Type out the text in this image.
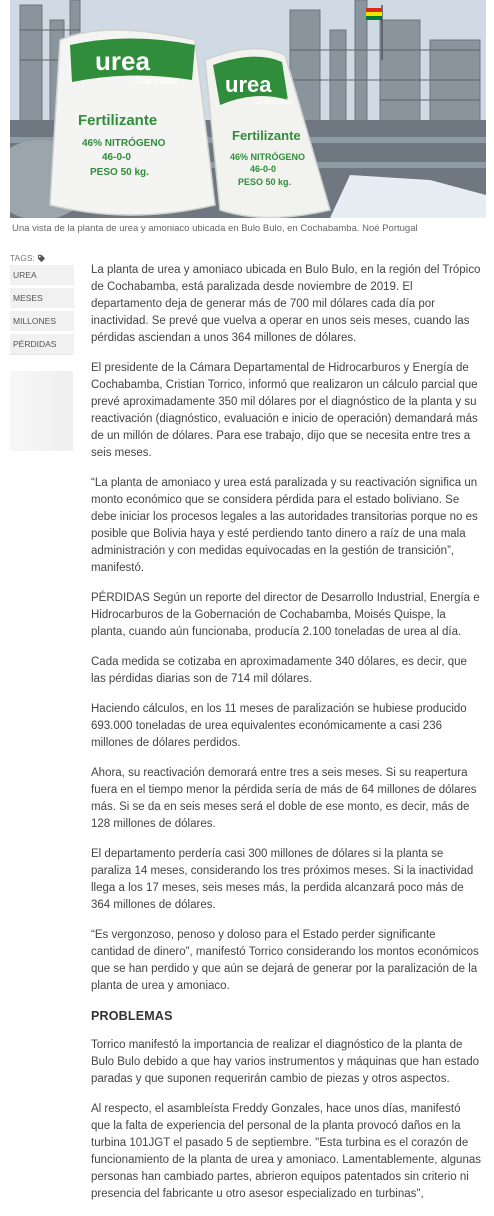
urea
Granulada
Fertilizante
46% NITRÓGENO
46-0-0
PESO 50 kg.
urea
Granulada
Fertilizante
46% NITRÓGENO
46-0-0
PESO 50 kg.
Una vista de la planta de urea y amoniaco ubicada en Bulo Bulo, en Cochabamba. Noé Portugal
TAGS:
UREA
MESES
MILLONES
PÉRDIDAS

La planta de urea y amoniaco ubicada en Bulo Bulo, en la región del Trópico de Cochabamba, está paralizada desde noviembre de 2019. El departamento deja de generar más de 700 mil dólares cada día por inactividad. Se prevé que vuelva a operar en unos seis meses, cuando las pérdidas asciendan a unos 364 millones de dólares.

El presidente de la Cámara Departamental de Hidrocarburos y Energía de Cochabamba, Cristian Torrico, informó que realizaron un cálculo parcial que prevé aproximadamente 350 mil dólares por el diagnóstico de la planta y su reactivación (diagnóstico, evaluación e inicio de operación) demandará más de un millón de dólares. Para ese trabajo, dijo que se necesita entre tres a seis meses.

“La planta de amoniaco y urea está paralizada y su reactivación significa un monto económico que se considera pérdida para el estado boliviano. Se debe iniciar los procesos legales a las autoridades transitorias porque no es posible que Bolivia haya y esté perdiendo tanto dinero a raíz de una mala administración y con medidas equivocadas en la gestión de transición”, manifestó.

PÉRDIDAS Según un reporte del director de Desarrollo Industrial, Energía e Hidrocarburos de la Gobernación de Cochabamba, Moisés Quispe, la planta, cuando aún funcionaba, producía 2.100 toneladas de urea al día.

Cada medida se cotizaba en aproximadamente 340 dólares, es decir, que las pérdidas diarias son de 714 mil dólares.

Haciendo cálculos, en los 11 meses de paralización se hubiese producido 693.000 toneladas de urea equivalentes económicamente a casi 236 millones de dólares perdidos.

Ahora, su reactivación demorará entre tres a seis meses. Si su reapertura fuera en el tiempo menor la pérdida sería de más de 64 millones de dólares más. Si se da en seis meses será el doble de ese monto, es decir, más de 128 millones de dólares.

El departamento perdería casi 300 millones de dólares si la planta se paraliza 14 meses, considerando los tres próximos meses. Si la inactividad llega a los 17 meses, seis meses más, la perdida alcanzará poco más de 364 millones de dólares.

“Es vergonzoso, penoso y doloso para el Estado perder significante cantidad de dinero”, manifestó Torrico considerando los montos económicos que se han perdido y que aún se dejará de generar por la paralización de la planta de urea y amoniaco.

PROBLEMAS

Torrico manifestó la importancia de realizar el diagnóstico de la planta de Bulo Bulo debido a que hay varios instrumentos y máquinas que han estado paradas y que suponen requerirán cambio de piezas y otros aspectos.

Al respecto, el asambleísta Freddy Gonzales, hace unos días, manifestó que la falta de experiencia del personal de la planta provocó daños en la turbina 101JGT el pasado 5 de septiembre. "Esta turbina es el corazón de funcionamiento de la planta de urea y amoniaco. Lamentablemente, algunas personas han cambiado partes, abrieron equipos patentados sin criterio ni presencia del fabricante u otro asesor especializado en turbinas",
